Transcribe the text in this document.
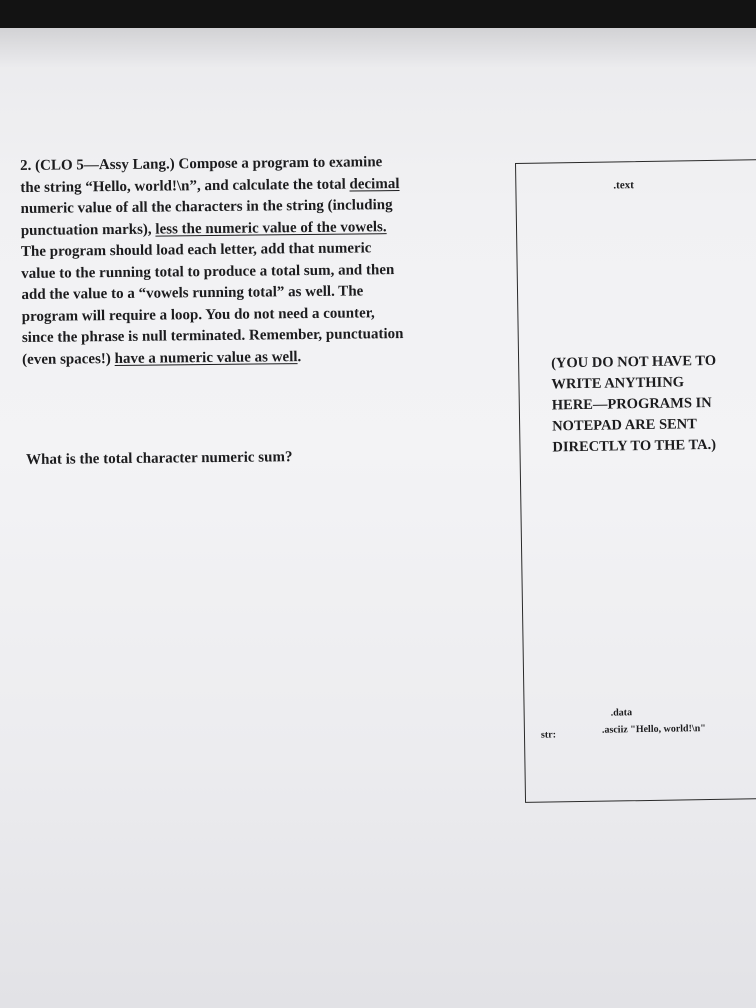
2. (CLO 5—Assy Lang.) Compose a program to examine
the string “Hello, world!\n”, and calculate the total decimal
numeric value of all the characters in the string (including
punctuation marks), less the numeric value of the vowels.
The program should load each letter, add that numeric
value to the running total to produce a total sum, and then
add the value to a “vowels running total” as well. The
program will require a loop. You do not need a counter,
since the phrase is null terminated. Remember, punctuation
(even spaces!) have a numeric value as well.
What is the total character numeric sum?
.text
(YOU DO NOT HAVE TO
WRITE ANYTHING
HERE—PROGRAMS IN
NOTEPAD ARE SENT
DIRECTLY TO THE TA.)
.data
str:	.asciiz "Hello, world!\n"
